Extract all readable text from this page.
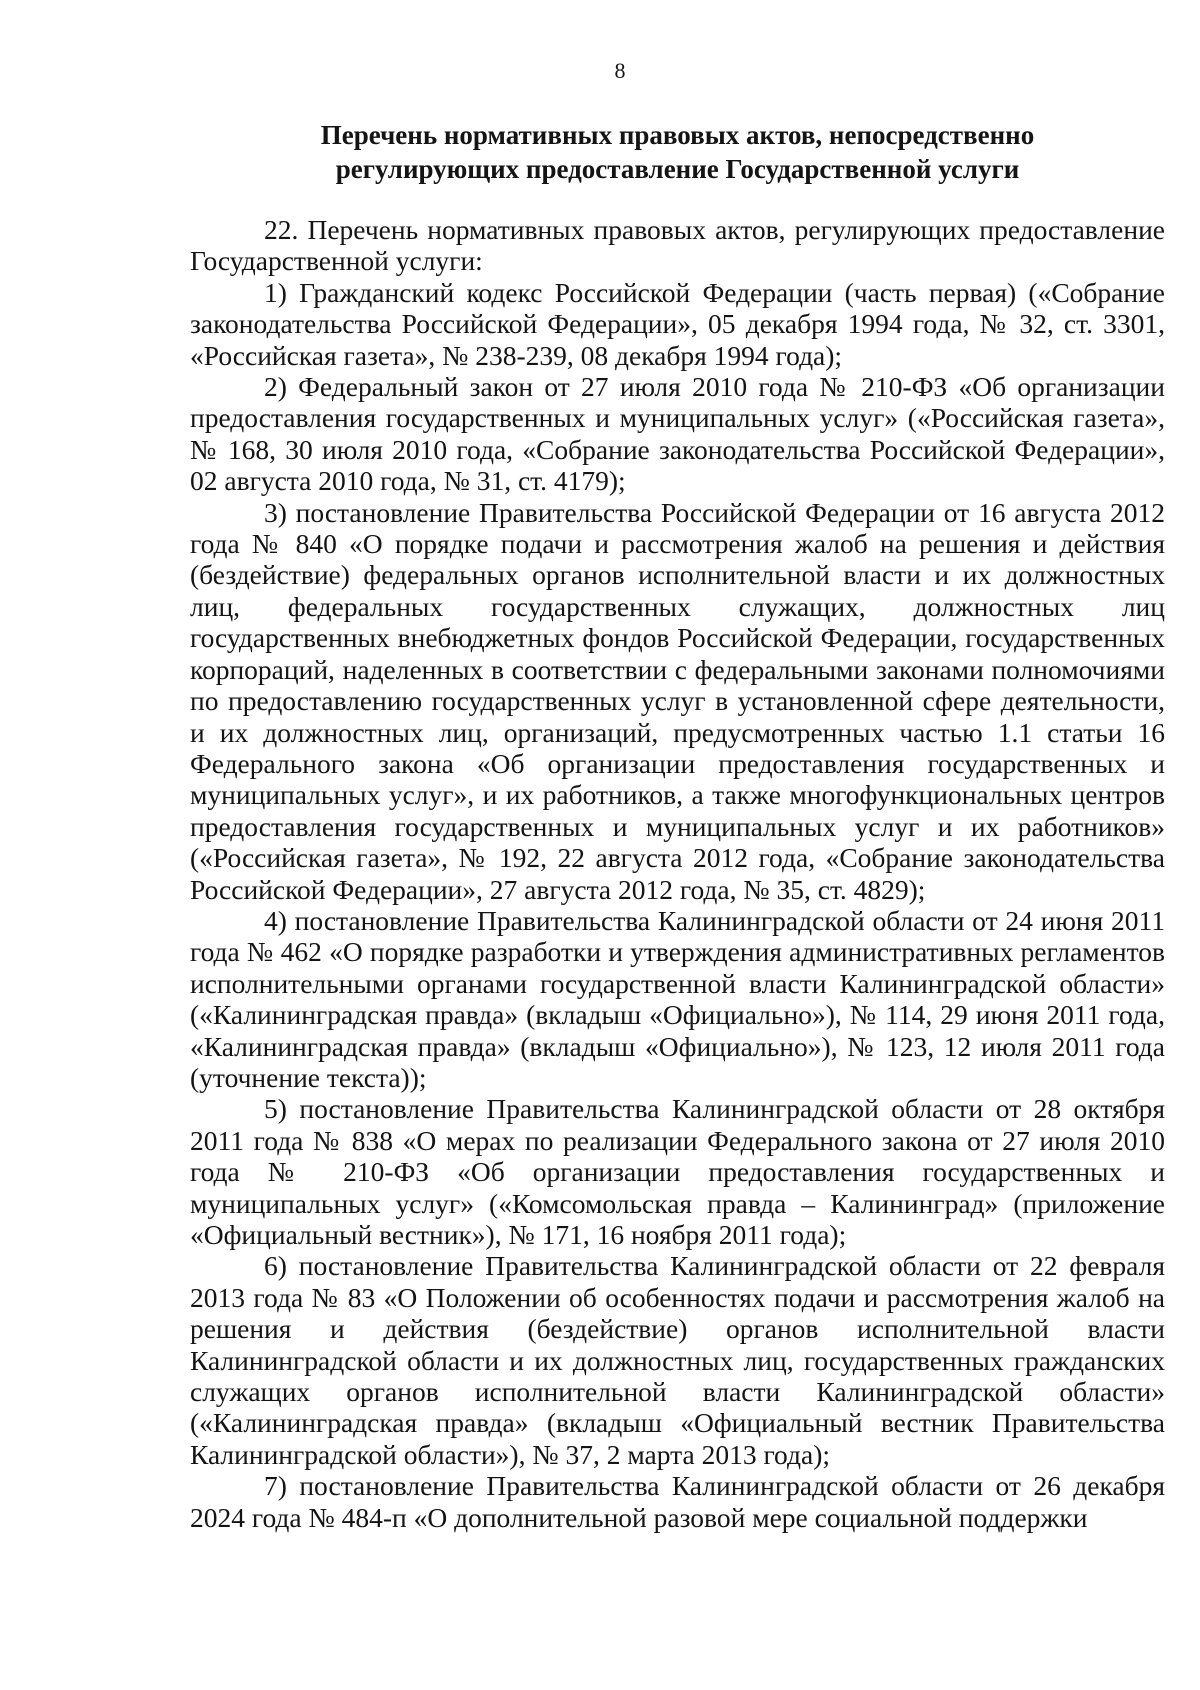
8
Перечень нормативных правовых актов, непосредственно
регулирующих предоставление Государственной услуги

22. Перечень нормативных правовых актов, регулирующих предоставление Государственной услуги:

1) Гражданский кодекс Российской Федерации (часть первая) («Собрание законодательства Российской Федерации», 05 декабря 1994 года, № 32, ст. 3301, «Российская газета», № 238-239, 08 декабря 1994 года);

2) Федеральный закон от 27 июля 2010 года № 210-ФЗ «Об организации предоставления государственных и муниципальных услуг» («Российская газета», № 168, 30 июля 2010 года, «Собрание законодательства Российской Федерации», 02 августа 2010 года, № 31, ст. 4179);

3) постановление Правительства Российской Федерации от 16 августа 2012 года № 840 «О порядке подачи и рассмотрения жалоб на решения и действия (бездействие) федеральных органов исполнительной власти и их должностных лиц, федеральных государственных служащих, должностных лиц государственных внебюджетных фондов Российской Федерации, государственных корпораций, наделенных в соответствии с федеральными законами полномочиями по предоставлению государственных услуг в установленной сфере деятельности, и их должностных лиц, организаций, предусмотренных частью 1.1 статьи 16 Федерального закона «Об организации предоставления государственных и муниципальных услуг», и их работников, а также многофункциональных центров предоставления государственных и муниципальных услуг и их работников» («Российская газета», № 192, 22 августа 2012 года, «Собрание законодательства Российской Федерации», 27 августа 2012 года, № 35, ст. 4829);

4) постановление Правительства Калининградской области от 24 июня 2011 года № 462 «О порядке разработки и утверждения административных регламентов исполнительными органами государственной власти Калининградской области» («Калининградская правда» (вкладыш «Официально»), № 114, 29 июня 2011 года, «Калининградская правда» (вкладыш «Официально»), № 123, 12 июля 2011 года (уточнение текста));

5) постановление Правительства Калининградской области от 28 октября 2011 года № 838 «О мерах по реализации Федерального закона от 27 июля 2010 года № 210-ФЗ «Об организации предоставления государственных и муниципальных услуг» («Комсомольская правда – Калининград» (приложение «Официальный вестник»), № 171, 16 ноября 2011 года);

6) постановление Правительства Калининградской области от 22 февраля 2013 года № 83 «О Положении об особенностях подачи и рассмотрения жалоб на решения и действия (бездействие) органов исполнительной власти Калининградской области и их должностных лиц, государственных гражданских служащих органов исполнительной власти Калининградской области» («Калининградская правда» (вкладыш «Официальный вестник Правительства Калининградской области»), № 37, 2 марта 2013 года);

7) постановление Правительства Калининградской области от 26 декабря 2024 года № 484-п «О дополнительной разовой мере социальной поддержки
